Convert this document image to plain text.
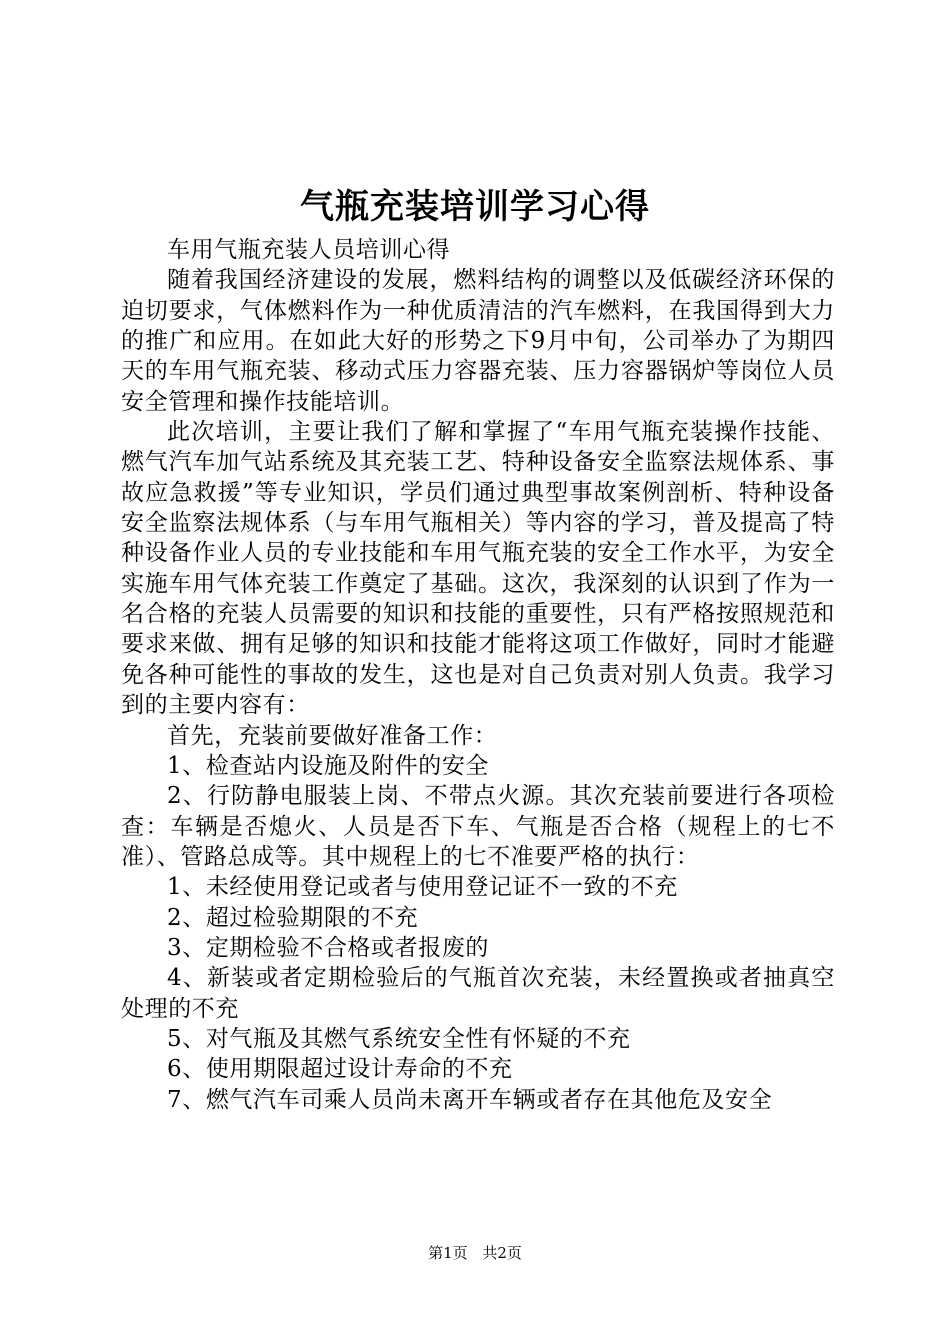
气瓶充装培训学习心得

车用气瓶充装人员培训心得

随着我国经济建设的发展，燃料结构的调整以及低碳经济环保的迫切要求，气体燃料作为一种优质清洁的汽车燃料，在我国得到大力的推广和应用。在如此大好的形势之下9月中旬，公司举办了为期四天的车用气瓶充装、移动式压力容器充装、压力容器锅炉等岗位人员安全管理和操作技能培训。

此次培训，主要让我们了解和掌握了“车用气瓶充装操作技能、燃气汽车加气站系统及其充装工艺、特种设备安全监察法规体系、事故应急救援”等专业知识，学员们通过典型事故案例剖析、特种设备安全监察法规体系（与车用气瓶相关）等内容的学习，普及提高了特种设备作业人员的专业技能和车用气瓶充装的安全工作水平，为安全实施车用气体充装工作奠定了基础。这次，我深刻的认识到了作为一名合格的充装人员需要的知识和技能的重要性，只有严格按照规范和要求来做、拥有足够的知识和技能才能将这项工作做好，同时才能避免各种可能性的事故的发生，这也是对自己负责对别人负责。我学习到的主要内容有：

首先，充装前要做好准备工作：

1、检查站内设施及附件的安全

2、行防静电服装上岗、不带点火源。其次充装前要进行各项检查：车辆是否熄火、人员是否下车、气瓶是否合格（规程上的七不准）、管路总成等。其中规程上的七不准要严格的执行：

1、未经使用登记或者与使用登记证不一致的不充

2、超过检验期限的不充

3、定期检验不合格或者报废的

4、新装或者定期检验后的气瓶首次充装，未经置换或者抽真空处理的不充

5、对气瓶及其燃气系统安全性有怀疑的不充

6、使用期限超过设计寿命的不充

7、燃气汽车司乘人员尚未离开车辆或者存在其他危及安全

第1页 共2页
